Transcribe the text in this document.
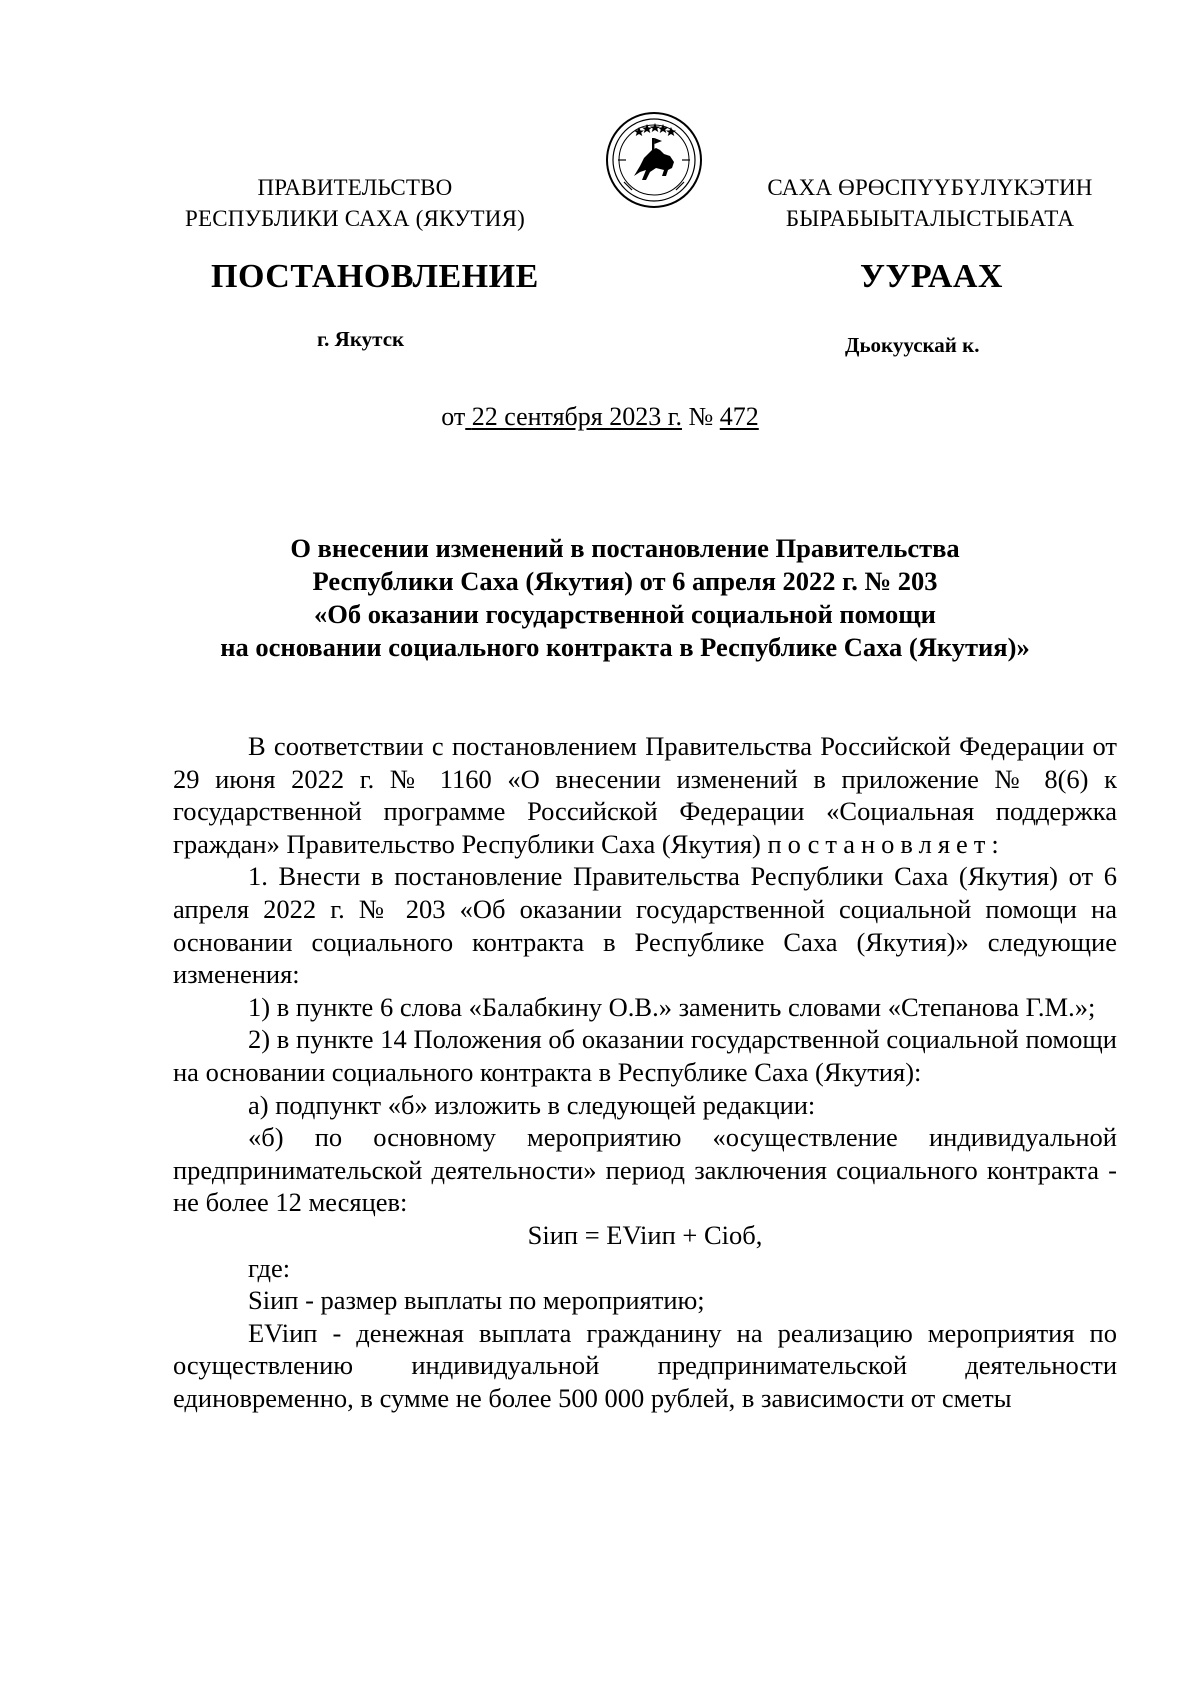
ПРАВИТЕЛЬСТВО
РЕСПУБЛИКИ САХА (ЯКУТИЯ)
САХА ӨРӨСПҮҮБҮЛҮКЭТИН
БЫРАБЫЫТАЛЫСТЫБАТА
ПОСТАНОВЛЕНИЕ	УУРААХ
г. Якутск	Дьокуускай к.
от 22 сентября 2023 г. № 472
О внесении изменений в постановление Правительства
Республики Саха (Якутия) от 6 апреля 2022 г. № 203
«Об оказании государственной социальной помощи
на основании социального контракта в Республике Саха (Якутия)»

В соответствии с постановлением Правительства Российской Федерации от 29 июня 2022 г. № 1160 «О внесении изменений в приложение № 8(6) к государственной программе Российской Федерации «Социальная поддержка граждан» Правительство Республики Саха (Якутия) постановляет:

1. Внести в постановление Правительства Республики Саха (Якутия) от 6 апреля 2022 г. № 203 «Об оказании государственной социальной помощи на основании социального контракта в Республике Саха (Якутия)» следующие изменения:

1) в пункте 6 слова «Балабкину О.В.» заменить словами «Степанова Г.М.»;

2) в пункте 14 Положения об оказании государственной социальной помощи на основании социального контракта в Республике Саха (Якутия):

а) подпункт «б» изложить в следующей редакции:

«б) по основному мероприятию «осуществление индивидуальной предпринимательской деятельности» период заключения социального контракта - не более 12 месяцев:

Siип = EViип + Ciоб,

где:

Siип - размер выплаты по мероприятию;

EViип - денежная выплата гражданину на реализацию мероприятия по осуществлению индивидуальной предпринимательской деятельности единовременно, в сумме не более 500 000 рублей, в зависимости от сметы
